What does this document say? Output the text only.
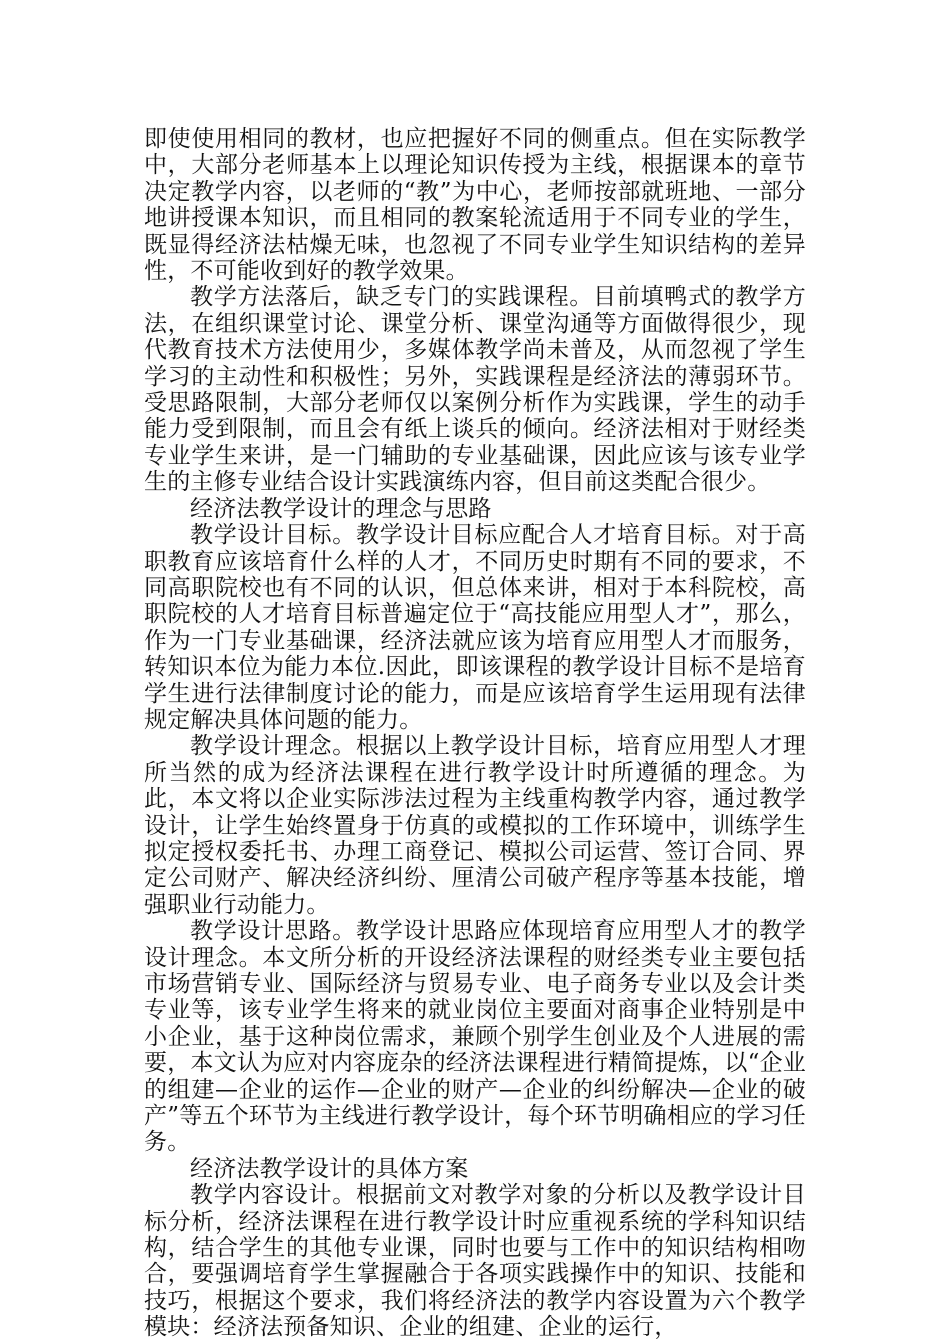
即使使用相同的教材，也应把握好不同的侧重点。但在实际教学中，大部分老师基本上以理论知识传授为主线，根据课本的章节决定教学内容，以老师的“教”为中心，老师按部就班地、一部分地讲授课本知识，而且相同的教案轮流适用于不同专业的学生，既显得经济法枯燥无味，也忽视了不同专业学生知识结构的差异性，不可能收到好的教学效果。

教学方法落后，缺乏专门的实践课程。目前填鸭式的教学方法，在组织课堂讨论、课堂分析、课堂沟通等方面做得很少，现代教育技术方法使用少，多媒体教学尚未普及，从而忽视了学生学习的主动性和积极性；另外，实践课程是经济法的薄弱环节。受思路限制，大部分老师仅以案例分析作为实践课，学生的动手能力受到限制，而且会有纸上谈兵的倾向。经济法相对于财经类专业学生来讲，是一门辅助的专业基础课，因此应该与该专业学生的主修专业结合设计实践演练内容，但目前这类配合很少。

经济法教学设计的理念与思路

教学设计目标。教学设计目标应配合人才培育目标。对于高职教育应该培育什么样的人才，不同历史时期有不同的要求，不同高职院校也有不同的认识，但总体来讲，相对于本科院校，高职院校的人才培育目标普遍定位于“高技能应用型人才”，那么，作为一门专业基础课，经济法就应该为培育应用型人才而服务，转知识本位为能力本位.因此，即该课程的教学设计目标不是培育学生进行法律制度讨论的能力，而是应该培育学生运用现有法律规定解决具体问题的能力。

教学设计理念。根据以上教学设计目标，培育应用型人才理所当然的成为经济法课程在进行教学设计时所遵循的理念。为此，本文将以企业实际涉法过程为主线重构教学内容，通过教学设计，让学生始终置身于仿真的或模拟的工作环境中，训练学生拟定授权委托书、办理工商登记、模拟公司运营、签订合同、界定公司财产、解决经济纠纷、厘清公司破产程序等基本技能，增强职业行动能力。

教学设计思路。教学设计思路应体现培育应用型人才的教学设计理念。本文所分析的开设经济法课程的财经类专业主要包括市场营销专业、国际经济与贸易专业、电子商务专业以及会计类专业等，该专业学生将来的就业岗位主要面对商事企业特别是中小企业，基于这种岗位需求，兼顾个别学生创业及个人进展的需要，本文认为应对内容庞杂的经济法课程进行精简提炼，以“企业的组建—企业的运作—企业的财产—企业的纠纷解决—企业的破产”等五个环节为主线进行教学设计，每个环节明确相应的学习任务。

经济法教学设计的具体方案

教学内容设计。根据前文对教学对象的分析以及教学设计目标分析，经济法课程在进行教学设计时应重视系统的学科知识结构，结合学生的其他专业课，同时也要与工作中的知识结构相吻合，要强调培育学生掌握融合于各项实践操作中的知识、技能和技巧，根据这个要求，我们将经济法的教学内容设置为六个教学模块：经济法预备知识、企业的组建、企业的运行，
